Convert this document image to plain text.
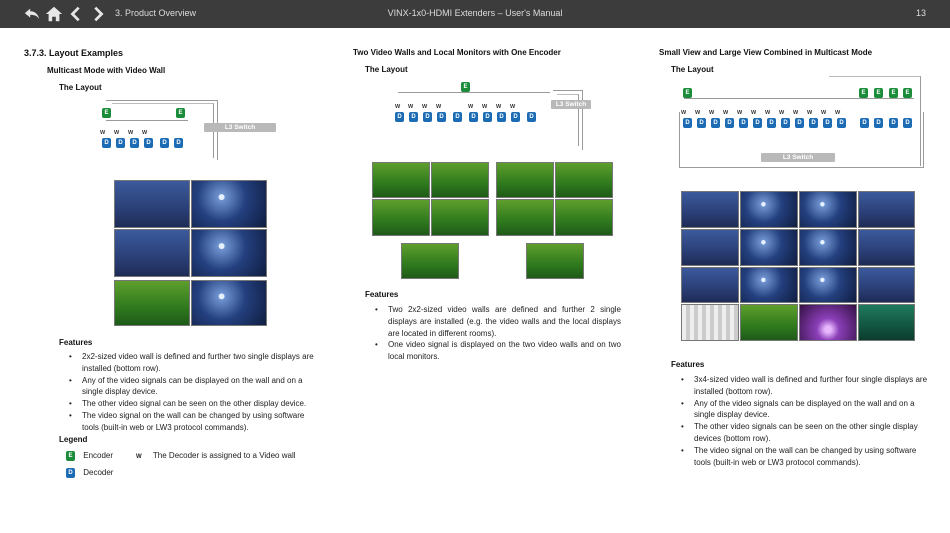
3. Product Overview	VINX-1x0-HDMI Extenders – User's Manual	13
3.7.3. Layout Examples
Multicast Mode with Video Wall
The Layout
E	E
L3 Switch
W W W W
D	D	D	D	D	D
Features
• 2x2-sized video wall is defined and further two single displays are installed (bottom row).
• Any of the video signals can be displayed on the wall and on a single display device.
• The other video signal can be seen on the other display device.
• The video signal on the wall can be changed by using software tools (built-in web or LW3 protocol commands).
Legend
E Encoder
D Decoder
W The Decoder is assigned to a Video wall
Two Video Walls and Local Monitors with One Encoder
The Layout
E
L3 Switch
W W W W	W W W W
D	D	D	D	D	D	D	D	D	D
Features
• Two 2x2-sized video walls are defined and further 2 single displays are installed (e.g. the video walls and the local displays are located in different rooms).
• One video signal is displayed on the two video walls and on two local monitors.
Small View and Large View Combined in Multicast Mode
The Layout
E	E	E	E	E
L3 Switch
W W W W W W W W W W W W
D	D	D	D	D	D	D	D	D	D	D	D	D	D	D	D
Features
• 3x4-sized video wall is defined and further four single displays are installed (bottom row).
• Any of the video signals can be displayed on the wall and on a single display device.
• The other video signals can be seen on the other single display devices (bottom row).
• The video signal on the wall can be changed by using software tools (built-in web or LW3 protocol commands).
